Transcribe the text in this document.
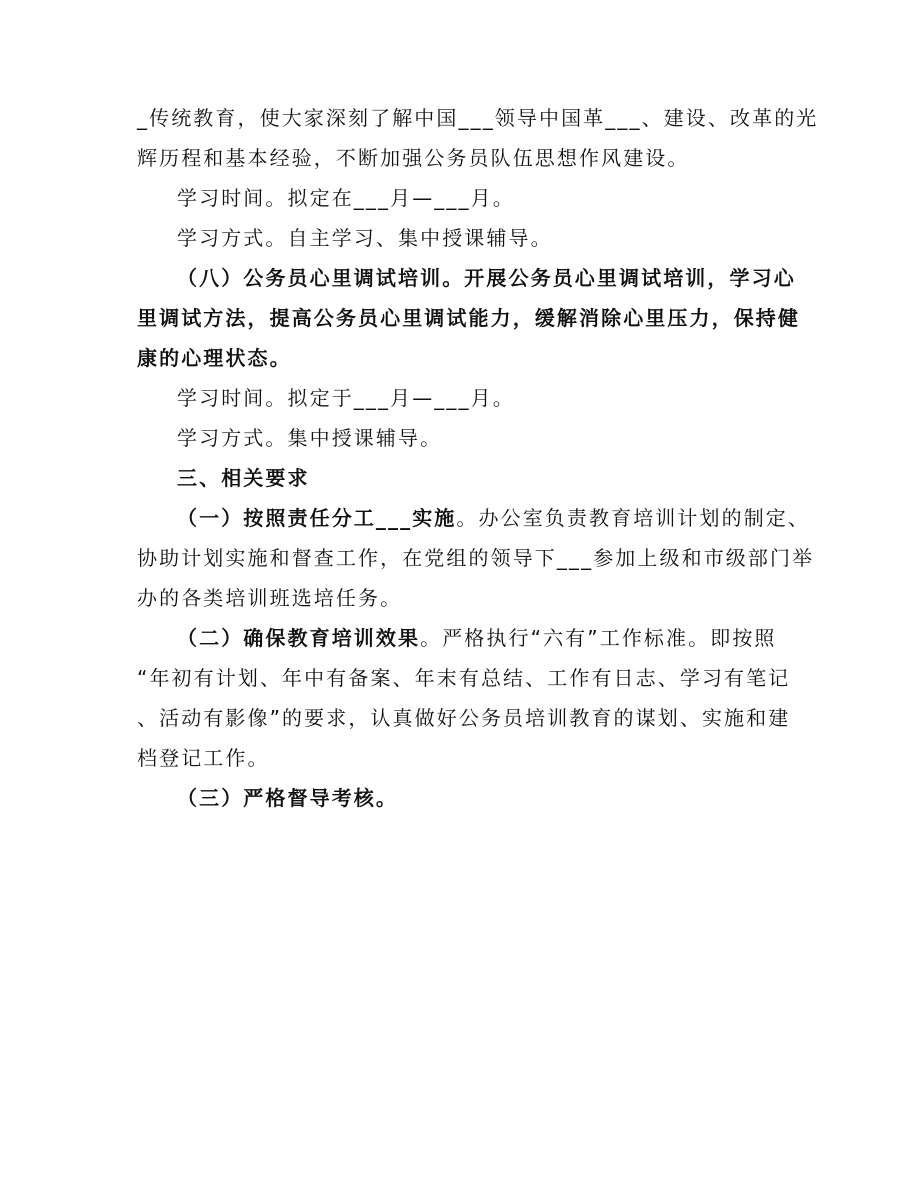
_传统教育，使大家深刻了解中国___领导中国革___、建设、改革的光
辉历程和基本经验，不断加强公务员队伍思想作风建设。
学习时间。拟定在___月—___月。
学习方式。自主学习、集中授课辅导。
（八）公务员心里调试培训。开展公务员心里调试培训，学习心
里调试方法，提高公务员心里调试能力，缓解消除心里压力，保持健
康的心理状态。
学习时间。拟定于___月—___月。
学习方式。集中授课辅导。
三、相关要求
（一）按照责任分工___实施。办公室负责教育培训计划的制定、
协助计划实施和督查工作，在党组的领导下___参加上级和市级部门举
办的各类培训班选培任务。
（二）确保教育培训效果。严格执行“六有”工作标准。即按照
“年初有计划、年中有备案、年末有总结、工作有日志、学习有笔记
、活动有影像”的要求，认真做好公务员培训教育的谋划、实施和建
档登记工作。
（三）严格督导考核。
